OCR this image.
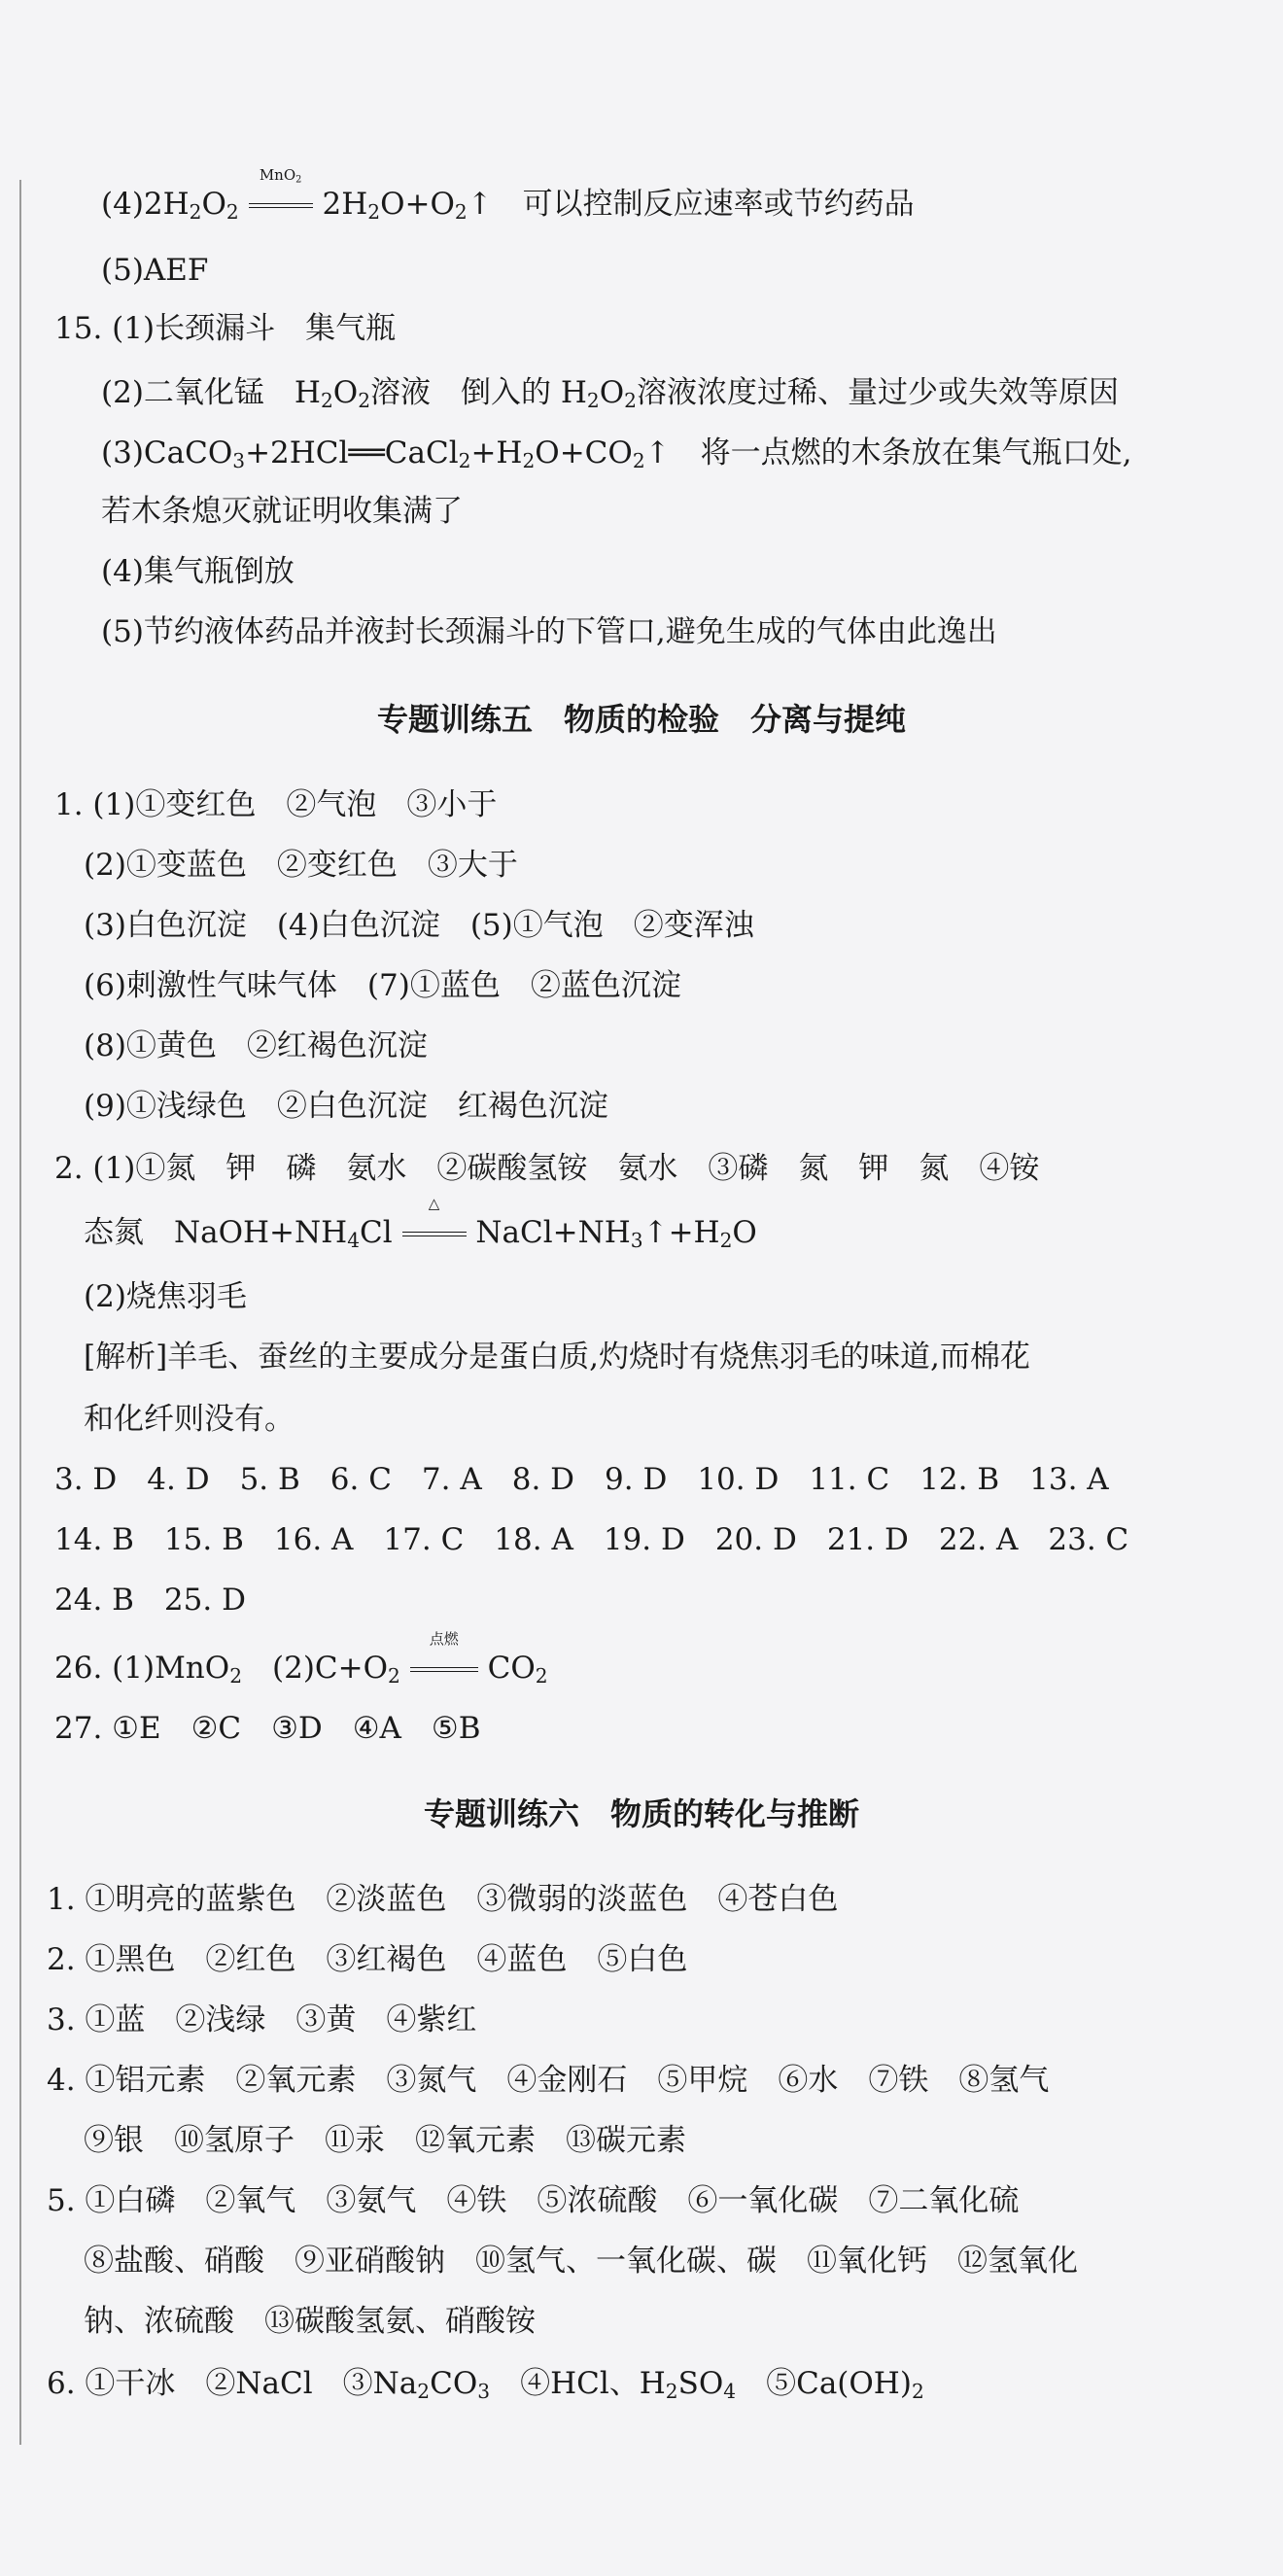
$(4)2H_2O_2$
MnO$_2$
$2H_2O+O_2↑$　可以控制反应速率或节约药品
(5)AEF
15. (1)长颈漏斗　集气瓶
(2)二氧化锰　$H_2O_2$溶液　倒入的 $H_2O_2$溶液浓度过稀、量过少或失效等原因
$(3)CaCO_3+2HCl══CaCl_2+H_2O+CO_2↑$　将一点燃的木条放在集气瓶口处,
若木条熄灭就证明收集满了
(4)集气瓶倒放
(5)节约液体药品并液封长颈漏斗的下管口,避免生成的气体由此逸出
专题训练五　物质的检验　分离与提纯
1. (1)①变红色　②气泡　③小于
(2)①变蓝色　②变红色　③大于
(3)白色沉淀　(4)白色沉淀　(5)①气泡　②变浑浊
(6)刺激性气味气体　(7)①蓝色　②蓝色沉淀
(8)①黄色　②红褐色沉淀
(9)①浅绿色　②白色沉淀　红褐色沉淀
2. (1)①氮　钾　磷　氨水　②碳酸氢铵　氨水　③磷　氮　钾　氮　④铵
态氮　$NaOH+NH_4Cl$
△
$NaCl+NH_3↑+H_2O$
(2)烧焦羽毛
[解析]羊毛、蚕丝的主要成分是蛋白质,灼烧时有烧焦羽毛的味道,而棉花
和化纤则没有。
3. D　4. D　5. B　6. C　7. A　8. D　9. D　10. D　11. C　12. B　13. A
14. B　15. B　16. A　17. C　18. A　19. D　20. D　21. D　22. A　23. C
24. B　25. D
26. (1)MnO$_2$　$(2)C+O_2$
点燃
$CO_2$
27. ①E　②C　③D　④A　⑤B
专题训练六　物质的转化与推断
1. ①明亮的蓝紫色　②淡蓝色　③微弱的淡蓝色　④苍白色
2. ①黑色　②红色　③红褐色　④蓝色　⑤白色
3. ①蓝　②浅绿　③黄　④紫红
4. ①铝元素　②氧元素　③氮气　④金刚石　⑤甲烷　⑥水　⑦铁　⑧氢气
⑨银　⑩氢原子　⑪汞　⑫氧元素　⑬碳元素
5. ①白磷　②氧气　③氨气　④铁　⑤浓硫酸　⑥一氧化碳　⑦二氧化硫
⑧盐酸、硝酸　⑨亚硝酸钠　⑩氢气、一氧化碳、碳　⑪氧化钙　⑫氢氧化
钠、浓硫酸　⑬碳酸氢氨、硝酸铵
6. ①干冰　②NaCl　$③Na_2CO_3$　④HCl、$H_2SO_4$　$⑤Ca(OH)_2$
